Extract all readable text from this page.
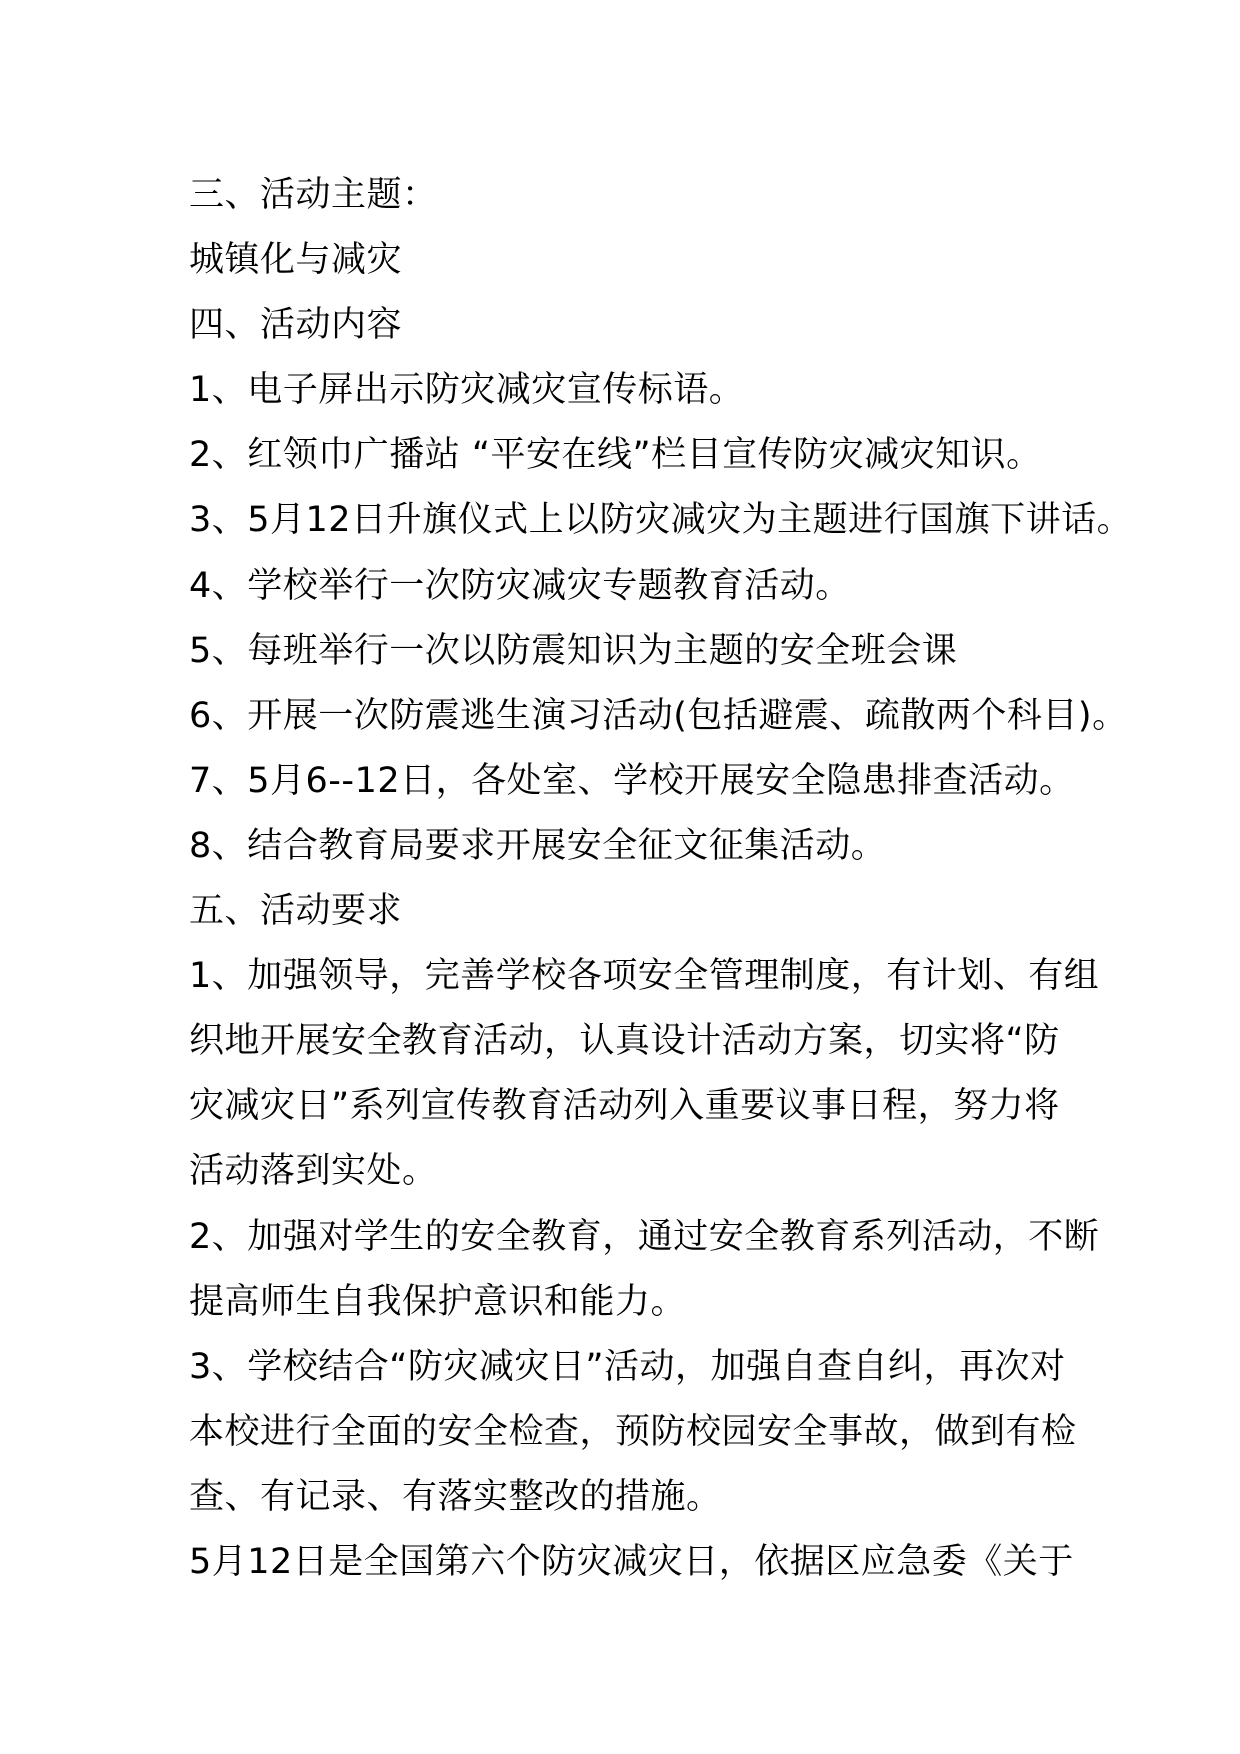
三、活动主题：
城镇化与减灾
四、活动内容
1、电子屏出示防灾减灾宣传标语。
2、红领巾广播站 “平安在线”栏目宣传防灾减灾知识。
3、5月12日升旗仪式上以防灾减灾为主题进行国旗下讲话。
4、学校举行一次防灾减灾专题教育活动。
5、每班举行一次以防震知识为主题的安全班会课
6、开展一次防震逃生演习活动(包括避震、疏散两个科目)。
7、5月6--12日，各处室、学校开展安全隐患排查活动。
8、结合教育局要求开展安全征文征集活动。
五、活动要求
1、加强领导，完善学校各项安全管理制度，有计划、有组
织地开展安全教育活动，认真设计活动方案，切实将“防
灾减灾日”系列宣传教育活动列入重要议事日程，努力将
活动落到实处。
2、加强对学生的安全教育，通过安全教育系列活动，不断
提高师生自我保护意识和能力。
3、学校结合“防灾减灾日”活动，加强自查自纠，再次对
本校进行全面的安全检查，预防校园安全事故，做到有检
查、有记录、有落实整改的措施。
5月12日是全国第六个防灾减灾日，依据区应急委《关于
